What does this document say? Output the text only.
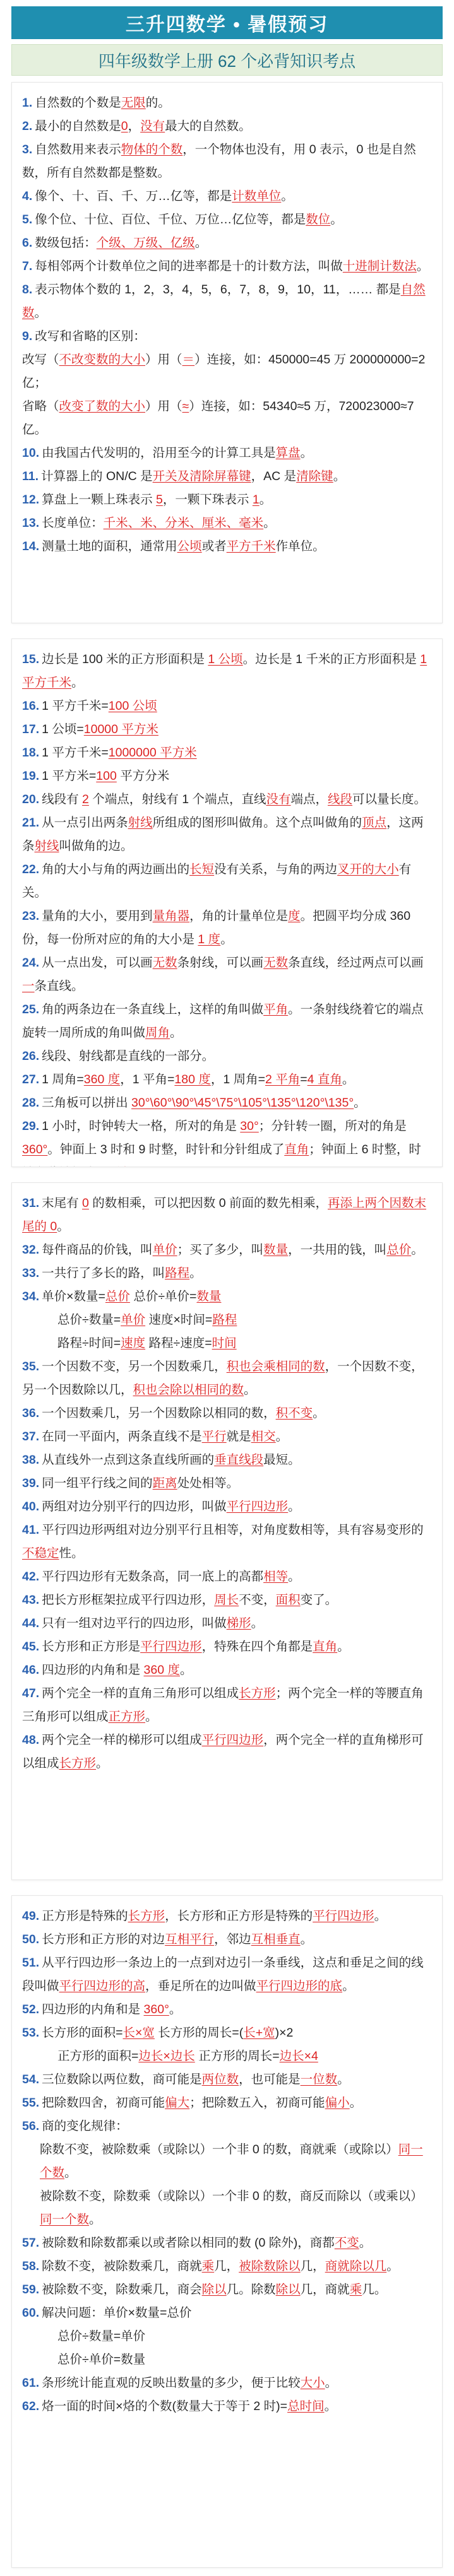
三升四数学 • 暑假预习
四年级数学上册 62 个必背知识考点
1. 自然数的个数是无限的。
2. 最小的自然数是0，没有最大的自然数。
3. 自然数用来表示物体的个数，一个物体也没有，用 0 表示，0 也是自然数，所有自然数都是整数。
4. 像个、十、百、千、万…亿等，都是计数单位。
5. 像个位、十位、百位、千位、万位…亿位等，都是数位。
6. 数级包括：个级、万级、亿级。
7. 每相邻两个计数单位之间的进率都是十的计数方法，叫做十进制计数法。
8. 表示物体个数的 1，2，3，4，5，6，7，8，9，10，11，…… 都是自然数。
9. 改写和省略的区别：
改写（不改变数的大小）用（＝）连接，如：450000=45 万 200000000=2 亿；
省略（改变了数的大小）用（≈）连接，如：54340≈5 万，720023000≈7 亿。
10. 由我国古代发明的，沿用至今的计算工具是算盘。
11. 计算器上的 ON/C 是开关及清除屏幕键，AC 是清除键。
12. 算盘上一颗上珠表示 5，一颗下珠表示 1。
13. 长度单位：千米、米、分米、厘米、毫米。
14. 测量土地的面积，通常用公顷或者平方千米作单位。
15. 边长是 100 米的正方形面积是 1 公顷。边长是 1 千米的正方形面积是 1 平方千米。
16. 1 平方千米=100 公顷
17. 1 公顷=10000 平方米
18. 1 平方千米=1000000 平方米
19. 1 平方米=100 平方分米
20. 线段有 2 个端点，射线有 1 个端点，直线没有端点，线段可以量长度。
21. 从一点引出两条射线所组成的图形叫做角。这个点叫做角的顶点，这两条射线叫做角的边。
22. 角的大小与角的两边画出的长短没有关系，与角的两边叉开的大小有关。
23. 量角的大小，要用到量角器，角的计量单位是度。把圆平均分成 360 份，每一份所对应的角的大小是 1 度。
24. 从一点出发，可以画无数条射线，可以画无数条直线，经过两点可以画一条直线。
25. 角的两条边在一条直线上，这样的角叫做平角。一条射线绕着它的端点旋转一周所成的角叫做周角。
26. 线段、射线都是直线的一部分。
27. 1 周角=360 度，1 平角=180 度，1 周角=2 平角=4 直角。
28. 三角板可以拼出 30°\60°\90°\45°\75°\105°\135°\120°\135°。
29. 1 小时，时钟转大一格，所对的角是 30°；分针转一圈，所对的角是 360°。钟面上 3 时和 9 时整，时针和分针组成了直角；钟面上 6 时整，时
31. 末尾有 0 的数相乘，可以把因数 0 前面的数先相乘，再添上两个因数末尾的 0。
32. 每件商品的价钱，叫单价；买了多少，叫数量，一共用的钱，叫总价。
33. 一共行了多长的路，叫路程。
34. 单价×数量=总价 总价÷单价=数量
总价÷数量=单价 速度×时间=路程
路程÷时间=速度 路程÷速度=时间
35. 一个因数不变，另一个因数乘几，积也会乘相同的数，一个因数不变，另一个因数除以几，积也会除以相同的数。
36. 一个因数乘几，另一个因数除以相同的数，积不变。
37. 在同一平面内，两条直线不是平行就是相交。
38. 从直线外一点到这条直线所画的垂直线段最短。
39. 同一组平行线之间的距离处处相等。
40. 两组对边分别平行的四边形，叫做平行四边形。
41. 平行四边形两组对边分别平行且相等，对角度数相等，具有容易变形的不稳定性。
42. 平行四边形有无数条高，同一底上的高都相等。
43. 把长方形框架拉成平行四边形，周长不变，面积变了。
44. 只有一组对边平行的四边形，叫做梯形。
45. 长方形和正方形是平行四边形，特殊在四个角都是直角。
46. 四边形的内角和是 360 度。
47. 两个完全一样的直角三角形可以组成长方形；两个完全一样的等腰直角三角形可以组成正方形。
48. 两个完全一样的梯形可以组成平行四边形，两个完全一样的直角梯形可以组成长方形。
49. 正方形是特殊的长方形，长方形和正方形是特殊的平行四边形。
50. 长方形和正方形的对边互相平行，邻边互相垂直。
51. 从平行四边形一条边上的一点到对边引一条垂线，这点和垂足之间的线段叫做平行四边形的高，垂足所在的边叫做平行四边形的底。
52. 四边形的内角和是 360°。
53. 长方形的面积=长×宽 长方形的周长=(长+宽)×2
正方形的面积=边长×边长 正方形的周长=边长×4
54. 三位数除以两位数，商可能是两位数，也可能是一位数。
55. 把除数四舍，初商可能偏大；把除数五入，初商可能偏小。
56. 商的变化规律：
除数不变，被除数乘（或除以）一个非 0 的数，商就乘（或除以）同一个数。
被除数不变，除数乘（或除以）一个非 0 的数，商反而除以（或乘以）同一个数。
57. 被除数和除数都乘以或者除以相同的数 (0 除外)，商都不变。
58. 除数不变，被除数乘几，商就乘几，被除数除以几，商就除以几。
59. 被除数不变，除数乘几，商会除以几。除数除以几，商就乘几。
60. 解决问题：单价×数量=总价
总价÷数量=单价
总价÷单价=数量
61. 条形统计能直观的反映出数量的多少，便于比较大小。
62. 烙一面的时间×烙的个数(数量大于等于 2 时)=总时间。
